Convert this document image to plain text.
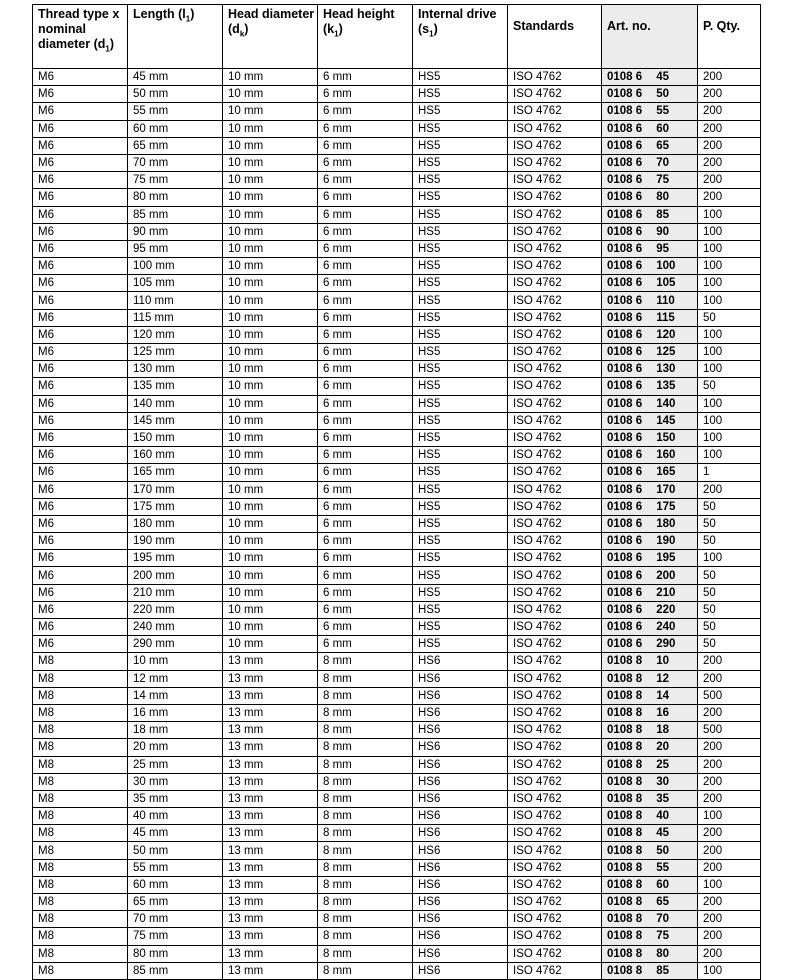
Thread type x nominal diameter $(d_1)$	Length $(l_1)$	Head diameter $(d_k)$	Head height $(k_1)$	Internal drive $(s_1)$	Standards	Art. no.	P. Qty.
M6	45 mm	10 mm	6 mm	HS5	ISO 4762	0108 6 45	200
M6	50 mm	10 mm	6 mm	HS5	ISO 4762	0108 6 50	200
M6	55 mm	10 mm	6 mm	HS5	ISO 4762	0108 6 55	200
M6	60 mm	10 mm	6 mm	HS5	ISO 4762	0108 6 60	200
M6	65 mm	10 mm	6 mm	HS5	ISO 4762	0108 6 65	200
M6	70 mm	10 mm	6 mm	HS5	ISO 4762	0108 6 70	200
M6	75 mm	10 mm	6 mm	HS5	ISO 4762	0108 6 75	200
M6	80 mm	10 mm	6 mm	HS5	ISO 4762	0108 6 80	200
M6	85 mm	10 mm	6 mm	HS5	ISO 4762	0108 6 85	100
M6	90 mm	10 mm	6 mm	HS5	ISO 4762	0108 6 90	100
M6	95 mm	10 mm	6 mm	HS5	ISO 4762	0108 6 95	100
M6	100 mm	10 mm	6 mm	HS5	ISO 4762	0108 6 100	100
M6	105 mm	10 mm	6 mm	HS5	ISO 4762	0108 6 105	100
M6	110 mm	10 mm	6 mm	HS5	ISO 4762	0108 6 110	100
M6	115 mm	10 mm	6 mm	HS5	ISO 4762	0108 6 115	50
M6	120 mm	10 mm	6 mm	HS5	ISO 4762	0108 6 120	100
M6	125 mm	10 mm	6 mm	HS5	ISO 4762	0108 6 125	100
M6	130 mm	10 mm	6 mm	HS5	ISO 4762	0108 6 130	100
M6	135 mm	10 mm	6 mm	HS5	ISO 4762	0108 6 135	50
M6	140 mm	10 mm	6 mm	HS5	ISO 4762	0108 6 140	100
M6	145 mm	10 mm	6 mm	HS5	ISO 4762	0108 6 145	100
M6	150 mm	10 mm	6 mm	HS5	ISO 4762	0108 6 150	100
M6	160 mm	10 mm	6 mm	HS5	ISO 4762	0108 6 160	100
M6	165 mm	10 mm	6 mm	HS5	ISO 4762	0108 6 165	1
M6	170 mm	10 mm	6 mm	HS5	ISO 4762	0108 6 170	200
M6	175 mm	10 mm	6 mm	HS5	ISO 4762	0108 6 175	50
M6	180 mm	10 mm	6 mm	HS5	ISO 4762	0108 6 180	50
M6	190 mm	10 mm	6 mm	HS5	ISO 4762	0108 6 190	50
M6	195 mm	10 mm	6 mm	HS5	ISO 4762	0108 6 195	100
M6	200 mm	10 mm	6 mm	HS5	ISO 4762	0108 6 200	50
M6	210 mm	10 mm	6 mm	HS5	ISO 4762	0108 6 210	50
M6	220 mm	10 mm	6 mm	HS5	ISO 4762	0108 6 220	50
M6	240 mm	10 mm	6 mm	HS5	ISO 4762	0108 6 240	50
M6	290 mm	10 mm	6 mm	HS5	ISO 4762	0108 6 290	50
M8	10 mm	13 mm	8 mm	HS6	ISO 4762	0108 8 10	200
M8	12 mm	13 mm	8 mm	HS6	ISO 4762	0108 8 12	200
M8	14 mm	13 mm	8 mm	HS6	ISO 4762	0108 8 14	500
M8	16 mm	13 mm	8 mm	HS6	ISO 4762	0108 8 16	200
M8	18 mm	13 mm	8 mm	HS6	ISO 4762	0108 8 18	500
M8	20 mm	13 mm	8 mm	HS6	ISO 4762	0108 8 20	200
M8	25 mm	13 mm	8 mm	HS6	ISO 4762	0108 8 25	200
M8	30 mm	13 mm	8 mm	HS6	ISO 4762	0108 8 30	200
M8	35 mm	13 mm	8 mm	HS6	ISO 4762	0108 8 35	200
M8	40 mm	13 mm	8 mm	HS6	ISO 4762	0108 8 40	100
M8	45 mm	13 mm	8 mm	HS6	ISO 4762	0108 8 45	200
M8	50 mm	13 mm	8 mm	HS6	ISO 4762	0108 8 50	200
M8	55 mm	13 mm	8 mm	HS6	ISO 4762	0108 8 55	200
M8	60 mm	13 mm	8 mm	HS6	ISO 4762	0108 8 60	100
M8	65 mm	13 mm	8 mm	HS6	ISO 4762	0108 8 65	200
M8	70 mm	13 mm	8 mm	HS6	ISO 4762	0108 8 70	200
M8	75 mm	13 mm	8 mm	HS6	ISO 4762	0108 8 75	200
M8	80 mm	13 mm	8 mm	HS6	ISO 4762	0108 8 80	200
M8	85 mm	13 mm	8 mm	HS6	ISO 4762	0108 8 85	100
